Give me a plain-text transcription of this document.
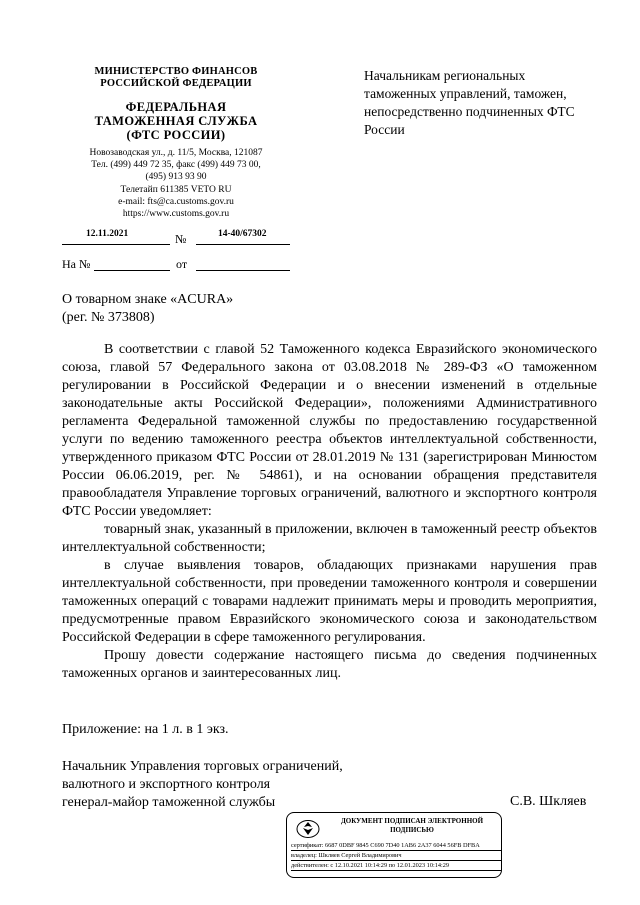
МИНИСТЕРСТВО ФИНАНСОВ
РОССИЙСКОЙ ФЕДЕРАЦИИ
ФЕДЕРАЛЬНАЯ
ТАМОЖЕННАЯ СЛУЖБА
(ФТС РОССИИ)
Новозаводская ул., д. 11/5, Москва, 121087
Тел. (499) 449 72 35, факс (499) 449 73 00,
(495) 913 93 90
Телетайп 611385 VETO RU
e-mail: fts@ca.customs.gov.ru
https://www.customs.gov.ru
12.11.2021	№	14-40/67302
На №	от
Начальникам региональных таможенных управлений, таможен, непосредственно подчиненных ФТС России
О товарном знаке «ACURA»
(рег. № 373808)

В соответствии с главой 52 Таможенного кодекса Евразийского экономического союза, главой 57 Федерального закона от 03.08.2018 № 289-ФЗ «О таможенном регулировании в Российской Федерации и о внесении изменений в отдельные законодательные акты Российской Федерации», положениями Административного регламента Федеральной таможенной службы по предоставлению государственной услуги по ведению таможенного реестра объектов интеллектуальной собственности, утвержденного приказом ФТС России от 28.01.2019 № 131 (зарегистрирован Минюстом России 06.06.2019, рег. № 54861), и на основании обращения представителя правообладателя Управление торговых ограничений, валютного и экспортного контроля ФТС России уведомляет:

товарный знак, указанный в приложении, включен в таможенный реестр объектов интеллектуальной собственности;

в случае выявления товаров, обладающих признаками нарушения прав интеллектуальной собственности, при проведении таможенного контроля и совершении таможенных операций с товарами надлежит принимать меры и проводить мероприятия, предусмотренные правом Евразийского экономического союза и законодательством Российской Федерации в сфере таможенного регулирования.

Прошу довести содержание настоящего письма до сведения подчиненных таможенных органов и заинтересованных лиц.

Приложение: на 1 л. в 1 экз.
Начальник Управления торговых ограничений,
валютного и экспортного контроля
генерал-майор таможенной службы	С.В. Шкляев
ДОКУМЕНТ ПОДПИСАН ЭЛЕКТРОННОЙ ПОДПИСЬЮ
сертификат: 6687 0DBF 9845 C690 7D40 1AB6 2A37 6044 56FB DFBA
владелец: Шкляев Сергей Владимирович
действителен: с 12.10.2021 10:14:29 по 12.01.2023 10:14:29
